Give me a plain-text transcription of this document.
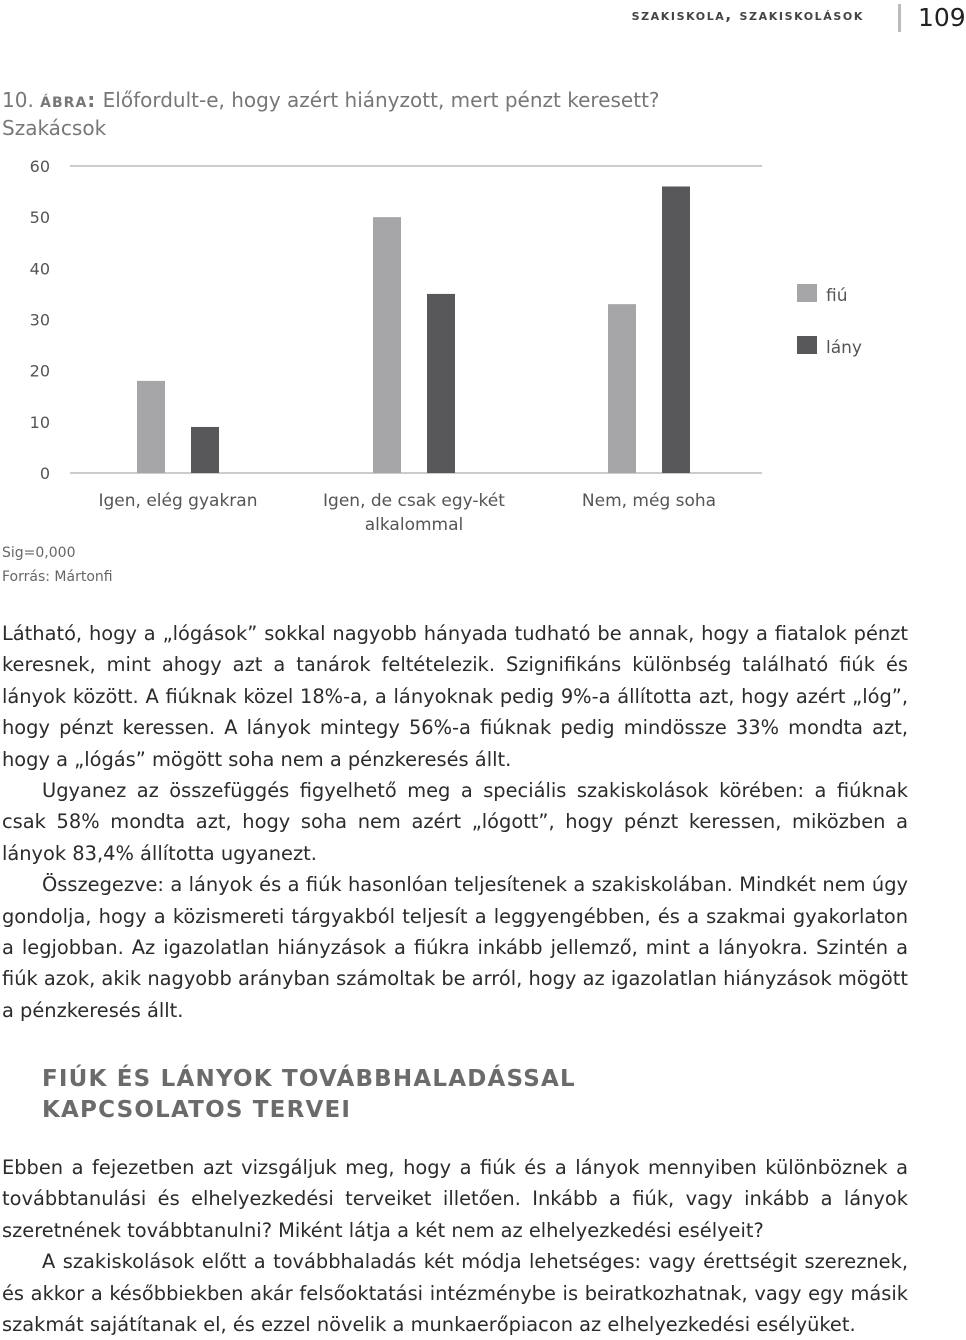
szakiskola, szakiskolások 109
10. ábra: Előfordult-e, hogy azért hiányzott, mert pénzt keresett?
Szakácsok
0
10
20
30
40
50
60
Igen, elég gyakran	Igen, de csak egy-két
alkalommal
Nem, még soha
fiú
lány
Sig=0,000
Forrás: Mártonfi

Látható, hogy a „lógások” sokkal nagyobb hányada tudható be annak, hogy a fiatalok pénzt keresnek, mint ahogy azt a tanárok feltételezik. Szignifikáns különbség található fiúk és lányok között. A fiúknak közel 18%-a, a lányoknak pedig 9%-a állította azt, hogy azért „lóg”, hogy pénzt keressen. A lányok mintegy 56%-a fiúknak pedig mindössze 33% mondta azt, hogy a „lógás” mögött soha nem a pénzkeresés állt.

Ugyanez az összefüggés figyelhető meg a speciális szakiskolások körében: a fiúknak csak 58% mondta azt, hogy soha nem azért „lógott”, hogy pénzt keressen, miközben a lányok 83,4% állította ugyanezt.

Összegezve: a lányok és a fiúk hasonlóan teljesítenek a szakiskolában. Mindkét nem úgy gondolja, hogy a közismereti tárgyakból teljesít a leggyengébben, és a szakmai gyakorlaton a legjobban. Az igazolatlan hiányzások a fiúkra inkább jellemző, mint a lányokra. Szintén a fiúk azok, akik nagyobb arányban számoltak be arról, hogy az igazolatlan hiányzások mögött a pénzkeresés állt.

FIÚK ÉS LÁNYOK TOVÁBBHALADÁSSAL
KAPCSOLATOS TERVEI

Ebben a fejezetben azt vizsgáljuk meg, hogy a fiúk és a lányok mennyiben különböznek a továbbtanulási és elhelyezkedési terveiket illetően. Inkább a fiúk, vagy inkább a lányok szeretnének továbbtanulni? Miként látja a két nem az elhelyezkedési esélyeit?

A szakiskolások előtt a továbbhaladás két módja lehetséges: vagy érettségit szereznek, és akkor a későbbiekben akár felsőoktatási intézménybe is beiratkozhatnak, vagy egy másik szakmát sajátítanak el, és ezzel növelik a munkaerőpiacon az elhelyezkedési esélyüket.
